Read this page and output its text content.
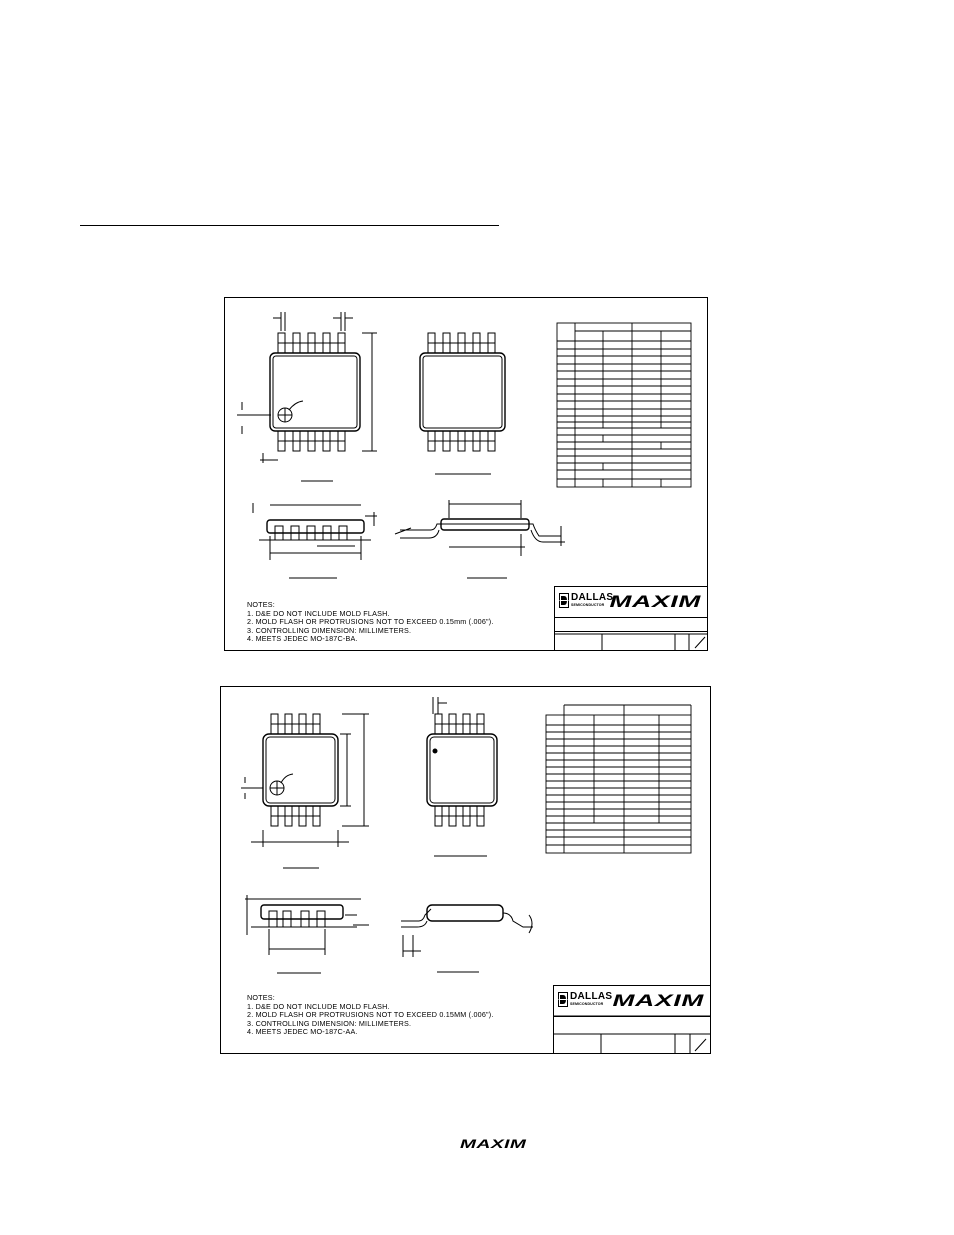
NOTES:
1. D&E DO NOT INCLUDE MOLD FLASH.
2. MOLD FLASH OR PROTRUSIONS NOT TO EXCEED 0.15mm (.006").
3. CONTROLLING DIMENSION: MILLIMETERS.
4. MEETS JEDEC MO-187C-BA.
DALLAS
SEMICONDUCTOR MAXIM
NOTES:
1. D&E DO NOT INCLUDE MOLD FLASH.
2. MOLD FLASH OR PROTRUSIONS NOT TO EXCEED 0.15MM (.006").
3. CONTROLLING DIMENSION: MILLIMETERS.
4. MEETS JEDEC MO-187C-AA.
DALLAS
SEMICONDUCTOR MAXIM
MAXIM
